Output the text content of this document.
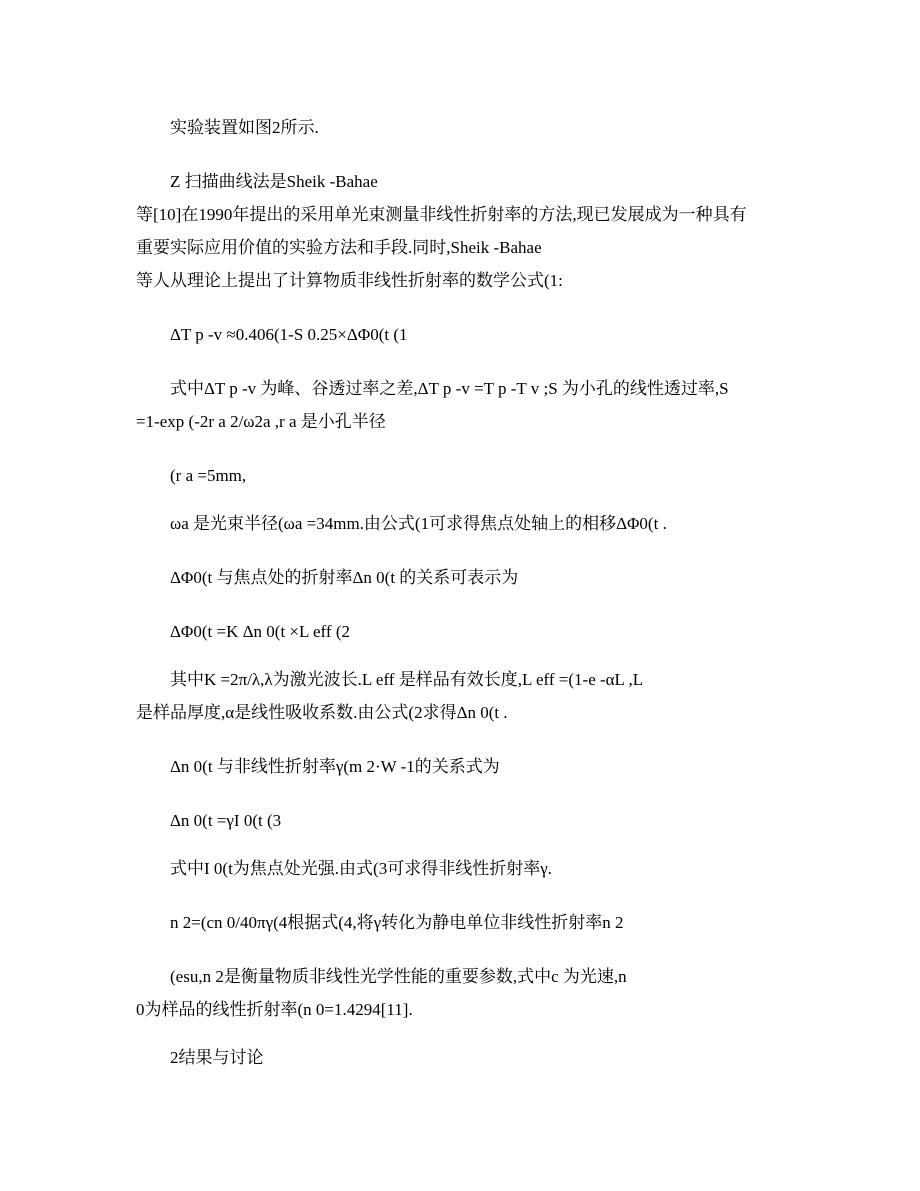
实验装置如图2所示.
Z 扫描曲线法是Sheik -Bahae
等[10]在1990年提出的采用单光束测量非线性折射率的方法,现已发展成为一种具有
重要实际应用价值的实验方法和手段.同时,Sheik -Bahae
等人从理论上提出了计算物质非线性折射率的数学公式(1:
ΔT p -v ≈0.406(1-S 0.25×ΔΦ0(t (1
式中ΔT p -v 为峰、谷透过率之差,ΔT p -v =T p -T v ;S 为小孔的线性透过率,S
=1-exp (-2r a 2/ω2a ,r a 是小孔半径
(r a =5mm,
ωa 是光束半径(ωa =34mm.由公式(1可求得焦点处轴上的相移ΔΦ0(t .
ΔΦ0(t 与焦点处的折射率Δn 0(t 的关系可表示为
ΔΦ0(t =K Δn 0(t ×L eff (2
其中K =2π/λ,λ为激光波长.L eff 是样品有效长度,L eff =(1-e -αL ,L
是样品厚度,α是线性吸收系数.由公式(2求得Δn 0(t .
Δn 0(t 与非线性折射率γ(m 2·W -1的关系式为
Δn 0(t =γI 0(t (3
式中I 0(t为焦点处光强.由式(3可求得非线性折射率γ.
n 2=(cn 0/40πγ(4根据式(4,将γ转化为静电单位非线性折射率n 2
(esu,n 2是衡量物质非线性光学性能的重要参数,式中c 为光速,n
0为样品的线性折射率(n 0=1.4294[11].
2结果与讨论
